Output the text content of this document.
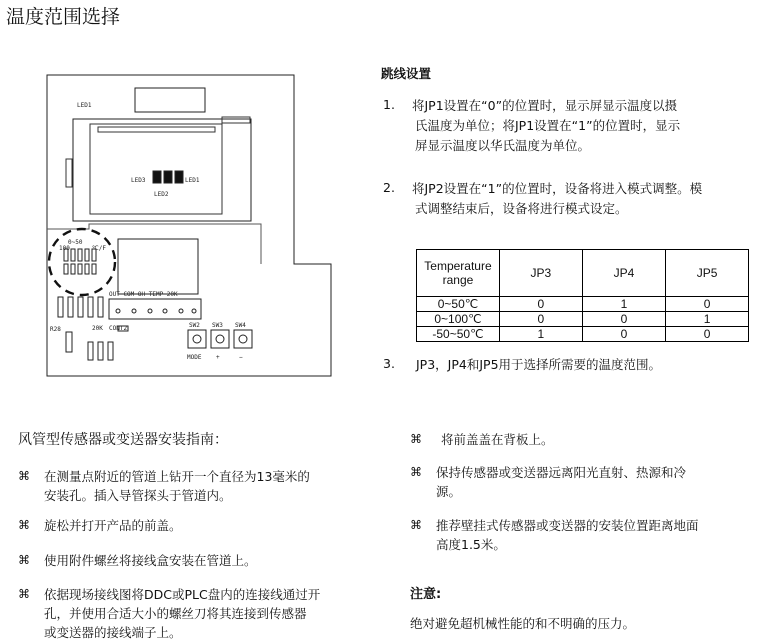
温度范围选择
LED1
LED3	LED1
LED2
0~50
100	℃/F
OUT COM OH TEMP 20K
R28	20K CONT2	SW2 SW3 SW4
MODE +	−
跳线设置
1. 将JP1设置在“0”的位置时，显示屏显示温度以摄
氏温度为单位；将JP1设置在“1”的位置时，显示
屏显示温度以华氏温度为单位。
2. 将JP2设置在“1”的位置时，设备将进入模式调整。模
式调整结束后，设备将进行模式设定。
Temperature range	JP3	JP4	JP5
0~50℃	0	1	0
0~100℃	0	0	1
-50~50℃	1	0	0
3. JP3，JP4和JP5用于选择所需要的温度范围。
风管型传感器或变送器安装指南：
⌘ 在测量点附近的管道上钻开一个直径为13毫米的
安装孔。插入导管探头于管道内。
⌘ 旋松并打开产品的前盖。
⌘ 使用附件螺丝将接线盒安装在管道上。
⌘ 依据现场接线图将DDC或PLC盘内的连接线通过开
孔，并使用合适大小的螺丝刀将其连接到传感器
或变送器的接线端子上。
⌘ 将前盖盖在背板上。
⌘ 保持传感器或变送器远离阳光直射、热源和冷
源。
⌘ 推荐壁挂式传感器或变送器的安装位置距离地面
高度1.5米。
注意:
绝对避免超机械性能的和不明确的压力。
